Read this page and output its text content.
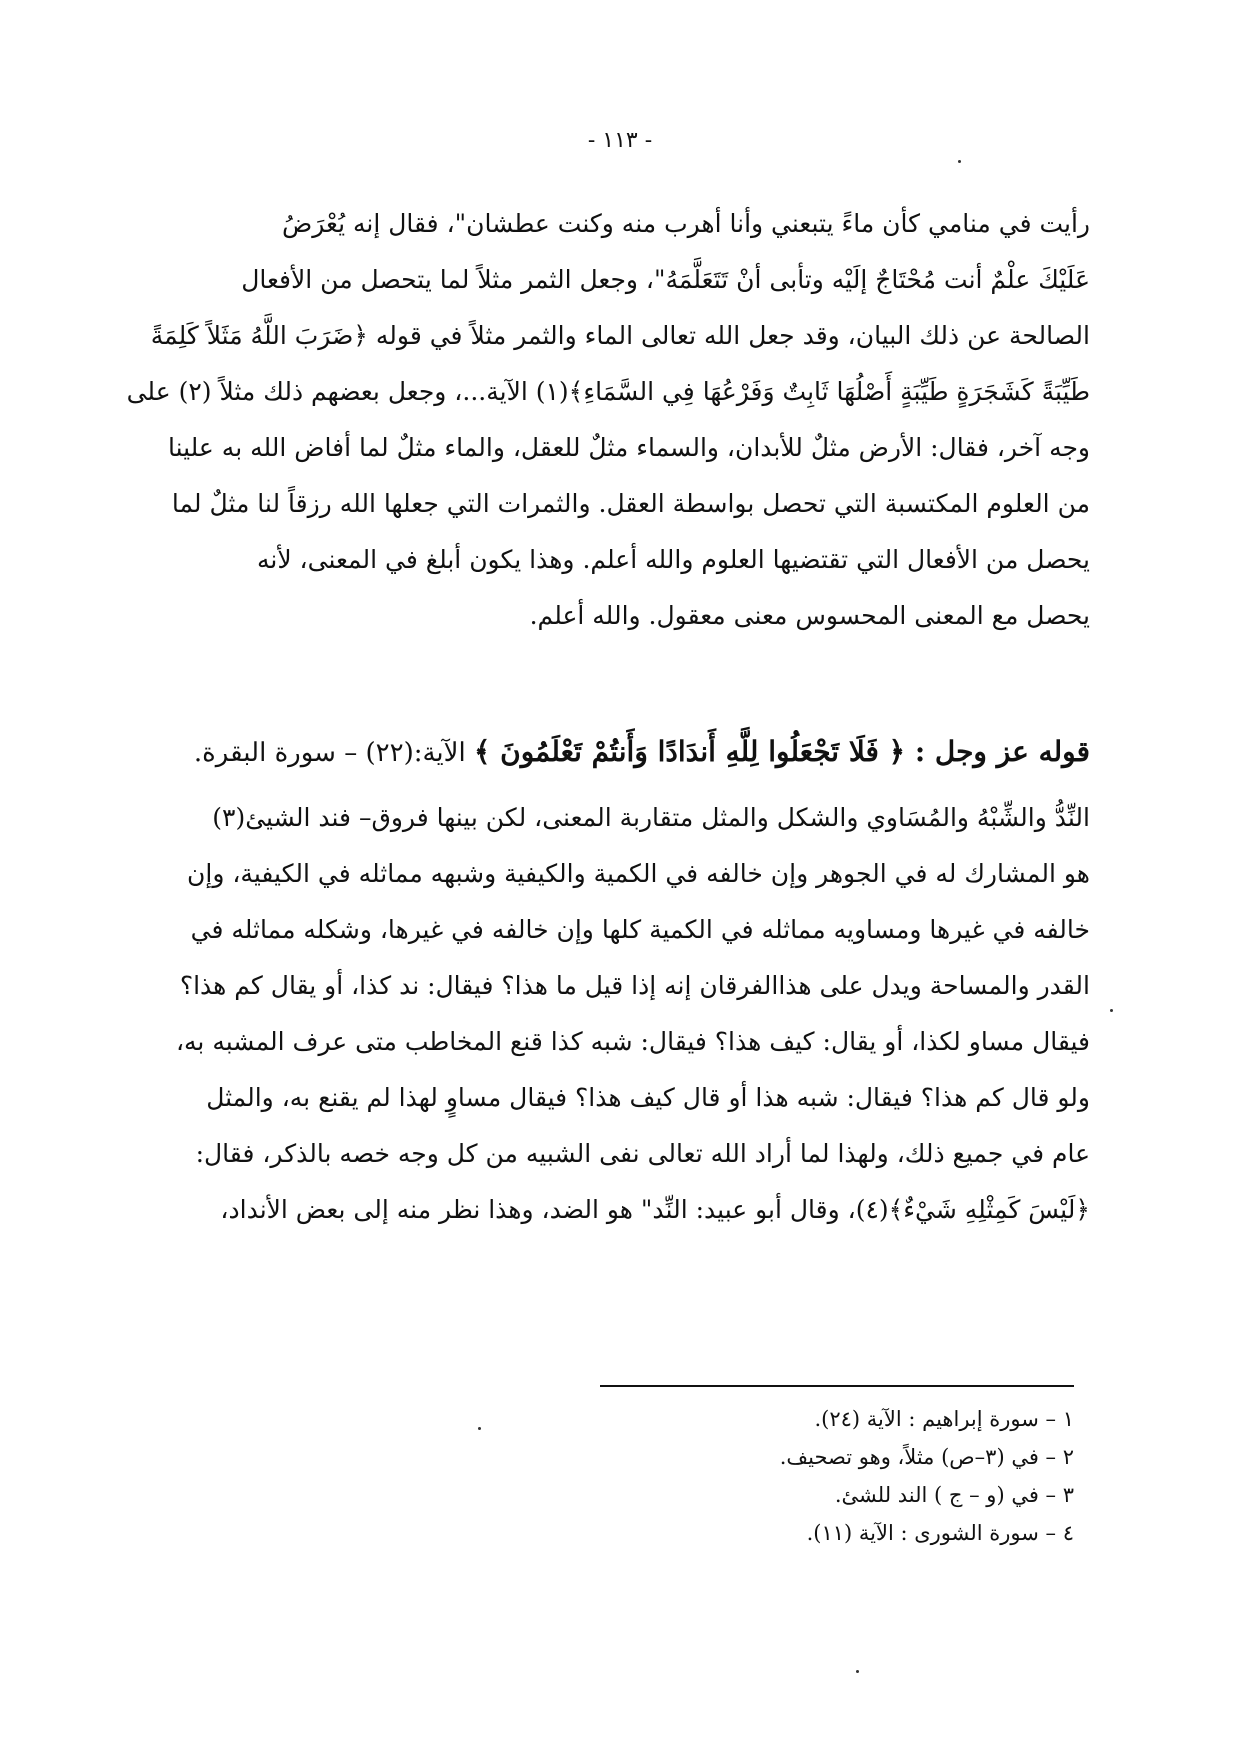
- ١١٣ -
رأيت في منامي كأن ماءً يتبعني وأنا أهرب منه وكنت عطشان"، فقال إنه يُعْرَضُ
عَلَيْكَ علْمٌ أنت مُحْتَاجٌ إلَيْه وتأبى أنْ تَتَعَلَّمَهُ"، وجعل الثمر مثلاً لما يتحصل من الأفعال
الصالحة عن ذلك البيان، وقد جعل الله تعالى الماء والثمر مثلاً في قوله ﴿ضَرَبَ اللَّهُ مَثَلاً كَلِمَةً
طَيِّبَةً كَشَجَرَةٍ طَيِّبَةٍ أَصْلُهَا ثَابِتٌ وَفَرْعُهَا فِي السَّمَاءِ﴾(١) الآية...، وجعل بعضهم ذلك مثلاً (٢) على
وجه آخر، فقال: الأرض مثلٌ للأبدان، والسماء مثلٌ للعقل، والماء مثلٌ لما أفاض الله به علينا
من العلوم المكتسبة التي تحصل بواسطة العقل. والثمرات التي جعلها الله رزقاً لنا مثلٌ لما
يحصل من الأفعال التي تقتضيها العلوم والله أعلم. وهذا يكون أبلغ في المعنى، لأنه
يحصل مع المعنى المحسوس معنى معقول. والله أعلم.
قوله عز وجل : ﴿ فَلَا تَجْعَلُوا لِلَّهِ أَندَادًا وَأَنتُمْ تَعْلَمُونَ ﴾ الآية:(٢٢) – سورة البقرة.
النِّدُّ والشِّبْهُ والمُسَاوي والشكل والمثل متقاربة المعنى، لكن بينها فروق– فند الشيئ(٣)
هو المشارك له في الجوهر وإن خالفه في الكمية والكيفية وشبهه مماثله في الكيفية، وإن
خالفه في غيرها ومساويه مماثله في الكمية كلها وإن خالفه في غيرها، وشكله مماثله في
القدر والمساحة ويدل على هذاالفرقان إنه إذا قيل ما هذا؟ فيقال: ند كذا، أو يقال كم هذا؟
فيقال مساو لكذا، أو يقال: كيف هذا؟ فيقال: شبه كذا قنع المخاطب متى عرف المشبه به،
ولو قال كم هذا؟ فيقال: شبه هذا أو قال كيف هذا؟ فيقال مساوٍ لهذا لم يقنع به، والمثل
عام في جميع ذلك، ولهذا لما أراد الله تعالى نفى الشبيه من كل وجه خصه بالذكر، فقال:
﴿لَيْسَ كَمِثْلِهِ شَيْءٌ﴾(٤)، وقال أبو عبيد: النِّد" هو الضد، وهذا نظر منه إلى بعض الأنداد،
١ – سورة إبراهيم : الآية (٢٤).
٢ – في (٣–ص) مثلاً، وهو تصحيف.
٣ – في (و – ج ) الند للشئ.
٤ – سورة الشورى : الآية (١١).
